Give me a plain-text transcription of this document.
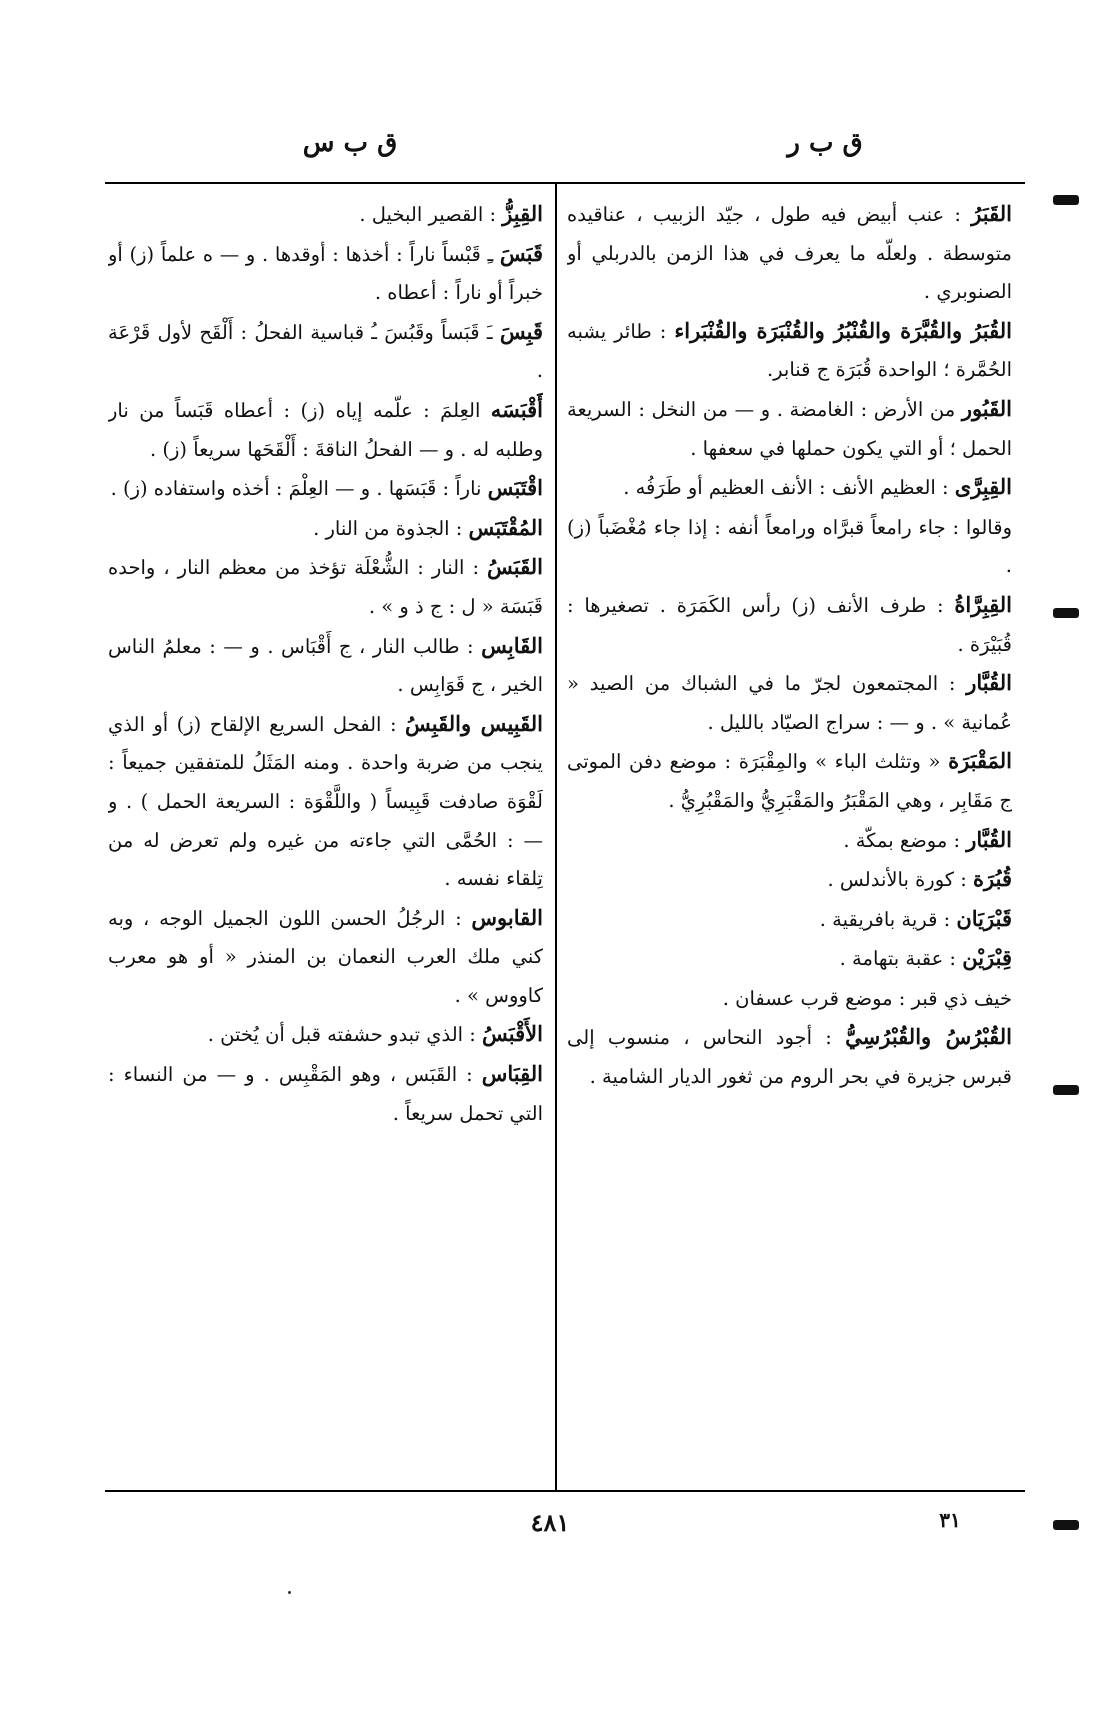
ق ب ر
ق ب س

القَبَرُ : عنب أبيض فيه طول ، جيّد الزبيب ، عناقيده متوسطة . ولعلّه ما يعرف في هذا الزمن بالدربلي أو الصنوبري .

القُبَرُ والقُبَّرَة والقُنْبُرُ والقُنْبَرَة والقُنْبَراء : طائر يشبه الحُمَّرة ؛ الواحدة قُبَرَة ج قنابر.

القَبُور من الأرض : الغامضة . و — من النخل : السريعة الحمل ؛ أو التي يكون حملها في سعفها .

القِبِرَّى : العظيم الأنف : الأنف العظيم أو طَرَفُه .

وقالوا : جاء رامعاً قبرَّاه ورامعاً أنفه : إذا جاء مُغْضَباً (ز) .

القِبِرَّاةُ : طرف الأنف (ز) رأس الكَمَرَة . تصغيرها : قُبَيْرَة .

القُبَّار : المجتمعون لجرّ ما في الشباك من الصيد « عُمانية » . و — : سراج الصيّاد بالليل .

المَقْبَرَة « وتثلث الباء » والمِقْبَرَة : موضع دفن الموتى ج مَقَابِر ، وهي المَقْبَرُ والمَقْبَرِيُّ والمَقْبُرِيُّ .

القُبَّار : موضع بمكّة .

قُبُرَة : كورة بالأندلس .

قَبْرَيَان : قرية بافريقية .

قِبْرَيْن : عقبة بتهامة .

خيف ذي قبر : موضع قرب عسفان .

القُبْرُسُ والقُبْرُسِيُّ : أجود النحاس ، منسوب إلى قبرس جزيرة في بحر الروم من ثغور الديار الشامية .

القِبِزُّ : القصير البخيل .

قَبَسَ ـِ قَبْساً ناراً : أخذها : أوقدها . و — ه علماً (ز) أو خبراً أو ناراً : أعطاه .

قَبِسَ ـَ قَبَساً وقَبُسَ ـُ قباسية الفحلُ : أَلْقَح لأول قَرْعَة .

أَقْبَسَه العِلمَ : علّمه إياه (ز) : أعطاه قَبَساً من نار وطلبه له . و — الفحلُ الناقةَ : أَلْقَحَها سريعاً (ز) .

اقْتَبَس ناراً : قَبَسَها . و — العِلْمَ : أخذه واستفاده (ز) .

المُقْتَبَس : الجذوة من النار .

القَبَسُ : النار : الشُّعْلَة تؤخذ من معظم النار ، واحده قَبَسَة « ل : ج ذ و » .

القَابِس : طالب النار ، ج أَقْبَاس . و — : معلمُ الناس الخير ، ج قَوَابِس .

القَبِيس والقَبِسُ : الفحل السريع الإلقاح (ز) أو الذي ينجب من ضربة واحدة . ومنه المَثَلُ للمتفقين جميعاً : لَقْوَة صادفت قَبِيساً ( واللَّقْوَة : السريعة الحمل ) . و — : الحُمَّى التي جاءته من غيره ولم تعرض له من تِلقاء نفسه .

القابوس : الرجُلُ الحسن اللون الجميل الوجه ، وبه كني ملك العرب النعمان بن المنذر « أو هو معرب كاووس » .

الأَقْبَسُ : الذي تبدو حشفته قبل أن يُختن .

القِبَاس : القَبَس ، وهو المَقْبِس . و — من النساء : التي تحمل سريعاً .

٤٨١	٣١
